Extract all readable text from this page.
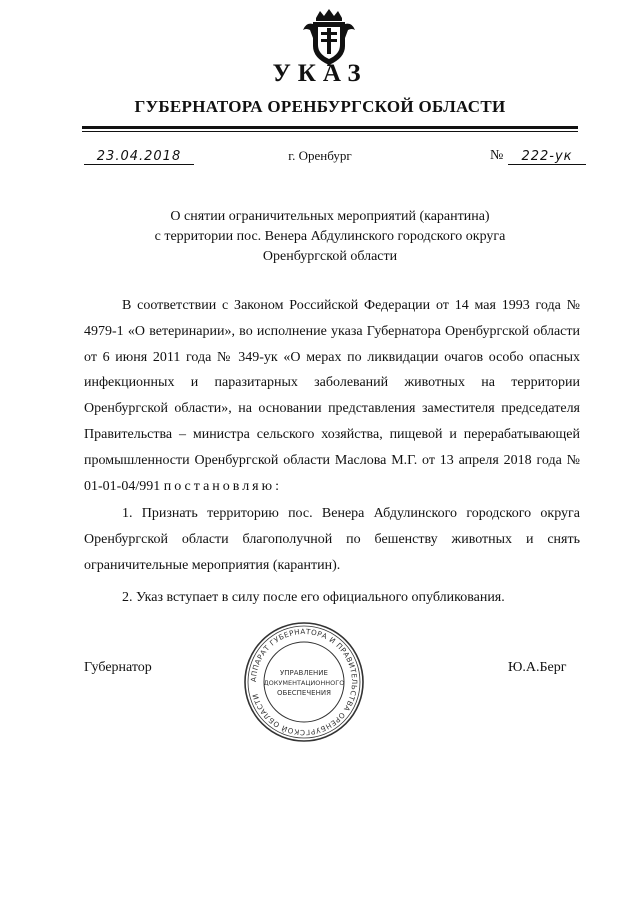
УКАЗ
ГУБЕРНАТОРА ОРЕНБУРГСКОЙ ОБЛАСТИ
23.04.2018	г. Оренбург	№	222-ук
О снятии ограничительных мероприятий (карантина)
с территории пос. Венера Абдулинского городского округа
Оренбургской области

В соответствии с Законом Российской Федерации от 14 мая 1993 года № 4979-1 «О ветеринарии», во исполнение указа Губернатора Оренбургской области от 6 июня 2011 года № 349-ук «О мерах по ликвидации очагов особо опасных инфекционных и паразитарных заболеваний животных на территории Оренбургской области», на основании представления заместителя председателя Правительства – министра сельского хозяйства, пищевой и перерабатывающей промышленности Оренбургской области Маслова М.Г. от 13 апреля 2018 года № 01-01-04/991 постановляю:

1. Признать территорию пос. Венера Абдулинского городского округа Оренбургской области благополучной по бешенству животных и снять ограничительные мероприятия (карантин).

2. Указ вступает в силу после его официального опубликования.

Губернатор	Ю.А.Берг
АППАРАТ ГУБЕРНАТОРА И ПРАВИТЕЛЬСТВА ОРЕНБУРГСКОЙ ОБЛАСТИ
УПРАВЛЕНИЕ
ДОКУМЕНТАЦИОННОГО
ОБЕСПЕЧЕНИЯ
